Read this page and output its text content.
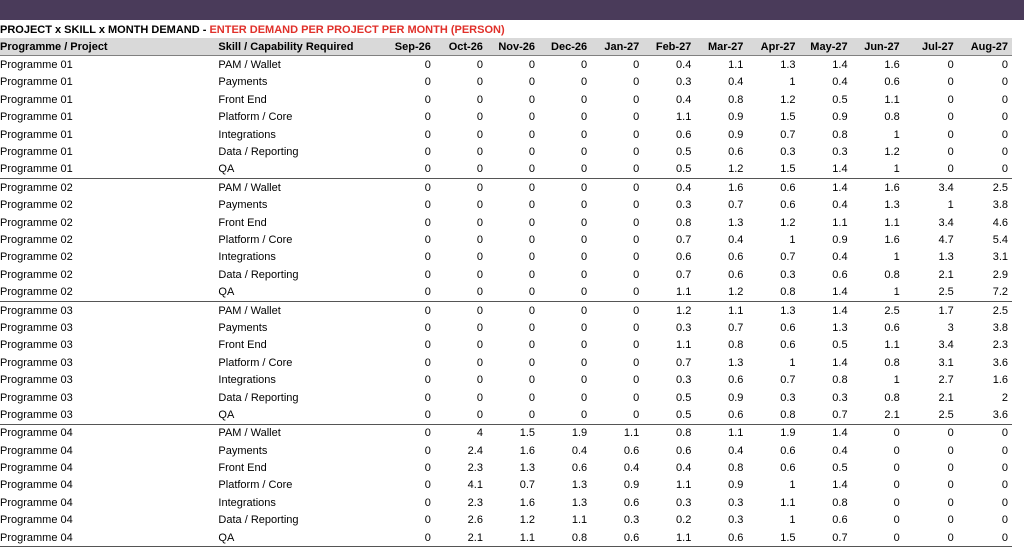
PROJECT x SKILL x MONTH DEMAND - ENTER DEMAND PER PROJECT PER MONTH (PERSON)
Programme / Project	Skill / Capability Required	Sep-26	Oct-26	Nov-26	Dec-26	Jan-27	Feb-27	Mar-27	Apr-27	May-27	Jun-27	Jul-27	Aug-27
Programme 01	PAM / Wallet	0	0	0	0	0	0.4	1.1	1.3	1.4	1.6	0	0
Programme 01	Payments	0	0	0	0	0	0.3	0.4	1	0.4	0.6	0	0
Programme 01	Front End	0	0	0	0	0	0.4	0.8	1.2	0.5	1.1	0	0
Programme 01	Platform / Core	0	0	0	0	0	1.1	0.9	1.5	0.9	0.8	0	0
Programme 01	Integrations	0	0	0	0	0	0.6	0.9	0.7	0.8	1	0	0
Programme 01	Data / Reporting	0	0	0	0	0	0.5	0.6	0.3	0.3	1.2	0	0
Programme 01	QA	0	0	0	0	0	0.5	1.2	1.5	1.4	1	0	0
Programme 02	PAM / Wallet	0	0	0	0	0	0.4	1.6	0.6	1.4	1.6	3.4	2.5
Programme 02	Payments	0	0	0	0	0	0.3	0.7	0.6	0.4	1.3	1	3.8
Programme 02	Front End	0	0	0	0	0	0.8	1.3	1.2	1.1	1.1	3.4	4.6
Programme 02	Platform / Core	0	0	0	0	0	0.7	0.4	1	0.9	1.6	4.7	5.4
Programme 02	Integrations	0	0	0	0	0	0.6	0.6	0.7	0.4	1	1.3	3.1
Programme 02	Data / Reporting	0	0	0	0	0	0.7	0.6	0.3	0.6	0.8	2.1	2.9
Programme 02	QA	0	0	0	0	0	1.1	1.2	0.8	1.4	1	2.5	7.2
Programme 03	PAM / Wallet	0	0	0	0	0	1.2	1.1	1.3	1.4	2.5	1.7	2.5
Programme 03	Payments	0	0	0	0	0	0.3	0.7	0.6	1.3	0.6	3	3.8
Programme 03	Front End	0	0	0	0	0	1.1	0.8	0.6	0.5	1.1	3.4	2.3
Programme 03	Platform / Core	0	0	0	0	0	0.7	1.3	1	1.4	0.8	3.1	3.6
Programme 03	Integrations	0	0	0	0	0	0.3	0.6	0.7	0.8	1	2.7	1.6
Programme 03	Data / Reporting	0	0	0	0	0	0.5	0.9	0.3	0.3	0.8	2.1	2
Programme 03	QA	0	0	0	0	0	0.5	0.6	0.8	0.7	2.1	2.5	3.6
Programme 04	PAM / Wallet	0	4	1.5	1.9	1.1	0.8	1.1	1.9	1.4	0	0	0
Programme 04	Payments	0	2.4	1.6	0.4	0.6	0.6	0.4	0.6	0.4	0	0	0
Programme 04	Front End	0	2.3	1.3	0.6	0.4	0.4	0.8	0.6	0.5	0	0	0
Programme 04	Platform / Core	0	4.1	0.7	1.3	0.9	1.1	0.9	1	1.4	0	0	0
Programme 04	Integrations	0	2.3	1.6	1.3	0.6	0.3	0.3	1.1	0.8	0	0	0
Programme 04	Data / Reporting	0	2.6	1.2	1.1	0.3	0.2	0.3	1	0.6	0	0	0
Programme 04	QA	0	2.1	1.1	0.8	0.6	1.1	0.6	1.5	0.7	0	0	0
